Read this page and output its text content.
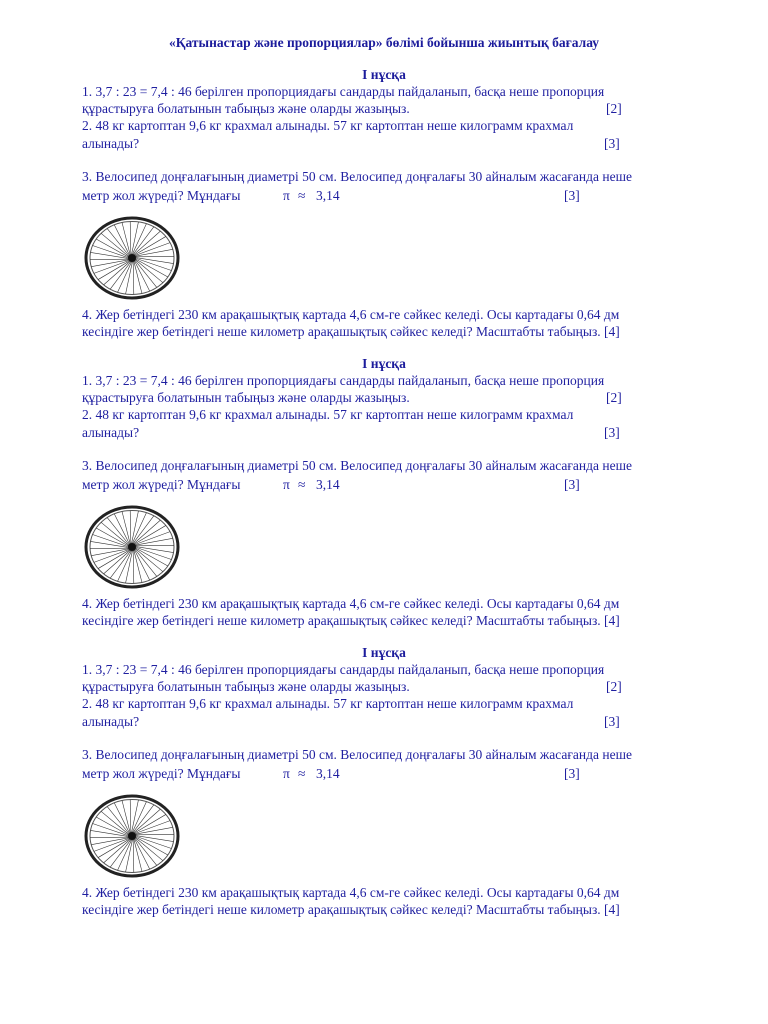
«Қатынастар және пропорциялар» бөлімі бойынша жиынтық бағалау
I нұсқа
1. 3,7 : 23 = 7,4 : 46 берілген пропорциядағы сандарды пайдаланып, басқа неше пропорция
құрастыруға болатынын табыңыз және оларды жазыңыз.	[2]
2. 48 кг картоптан 9,6 кг крахмал алынады. 57 кг картоптан неше килограмм крахмал
алынады?	[3]
3. Велосипед доңғалағының диаметрі 50 см. Велосипед доңғалағы 30 айналым жасағанда неше
метр жол жүреді? Мұндағы	π ≈ 3,14	[3]
4. Жер бетіндегі 230 км арақашықтық картада 4,6 см-ге сәйкес келеді. Осы картадағы 0,64 дм
кесіндіге жер бетіндегі неше километр арақашықтық сәйкес келеді? Масштабты табыңыз. [4]
I нұсқа
1. 3,7 : 23 = 7,4 : 46 берілген пропорциядағы сандарды пайдаланып, басқа неше пропорция
құрастыруға болатынын табыңыз және оларды жазыңыз.	[2]
2. 48 кг картоптан 9,6 кг крахмал алынады. 57 кг картоптан неше килограмм крахмал
алынады?	[3]
3. Велосипед доңғалағының диаметрі 50 см. Велосипед доңғалағы 30 айналым жасағанда неше
метр жол жүреді? Мұндағы	π ≈ 3,14	[3]
4. Жер бетіндегі 230 км арақашықтық картада 4,6 см-ге сәйкес келеді. Осы картадағы 0,64 дм
кесіндіге жер бетіндегі неше километр арақашықтық сәйкес келеді? Масштабты табыңыз. [4]
I нұсқа
1. 3,7 : 23 = 7,4 : 46 берілген пропорциядағы сандарды пайдаланып, басқа неше пропорция
құрастыруға болатынын табыңыз және оларды жазыңыз.	[2]
2. 48 кг картоптан 9,6 кг крахмал алынады. 57 кг картоптан неше килограмм крахмал
алынады?	[3]
3. Велосипед доңғалағының диаметрі 50 см. Велосипед доңғалағы 30 айналым жасағанда неше
метр жол жүреді? Мұндағы	π ≈ 3,14	[3]
4. Жер бетіндегі 230 км арақашықтық картада 4,6 см-ге сәйкес келеді. Осы картадағы 0,64 дм
кесіндіге жер бетіндегі неше километр арақашықтық сәйкес келеді? Масштабты табыңыз. [4]
